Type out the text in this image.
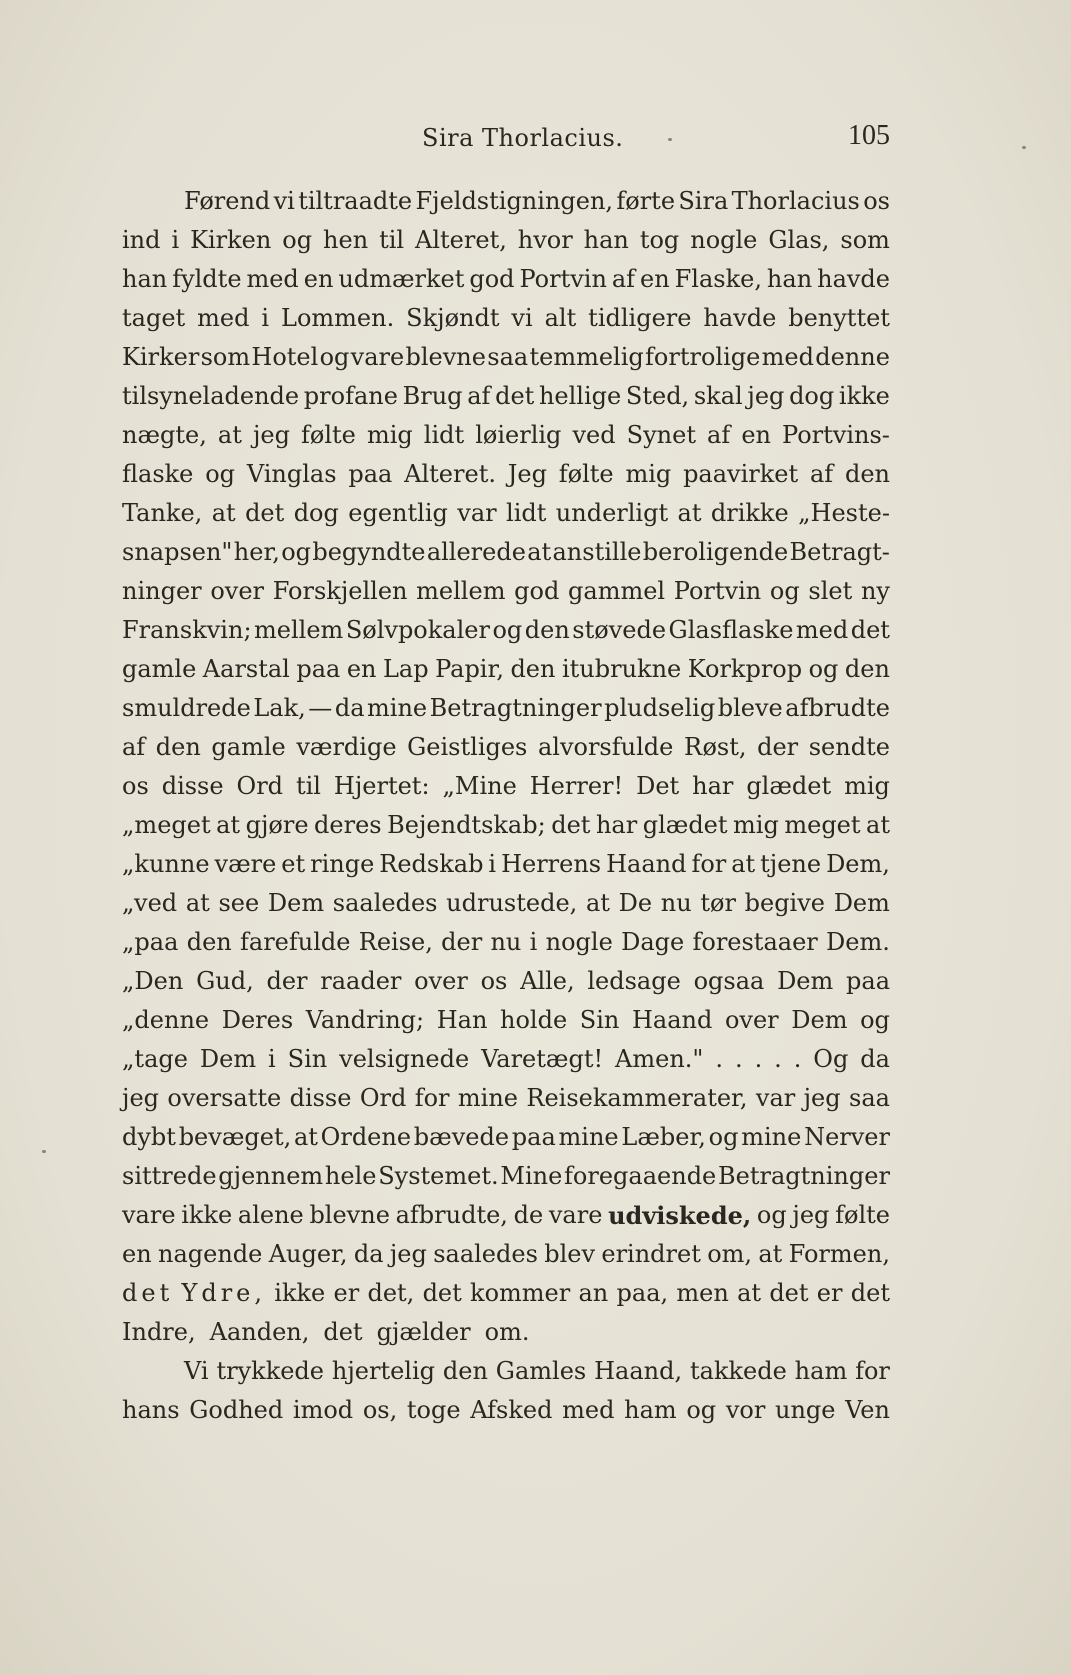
Sira Thorlacius.	105
Førend vi tiltraadte Fjeldstigningen, førte Sira Thorlacius os
ind i Kirken og hen til Alteret, hvor han tog nogle Glas, som
han fyldte med en udmærket god Portvin af en Flaske, han havde
taget med i Lommen. Skjøndt vi alt tidligere havde benyttet
Kirker som Hotel og vare blevne saa temmelig fortrolige med denne
tilsyneladende profane Brug af det hellige Sted, skal jeg dog ikke
nægte, at jeg følte mig lidt løierlig ved Synet af en Portvins-
flaske og Vinglas paa Alteret. Jeg følte mig paavirket af den
Tanke, at det dog egentlig var lidt underligt at drikke „Heste-
snapsen" her, og begyndte allerede at anstille beroligende Betragt-
ninger over Forskjellen mellem god gammel Portvin og slet ny
Franskvin; mellem Sølvpokaler og den støvede Glasflaske med det
gamle Aarstal paa en Lap Papir, den itubrukne Korkprop og den
smuldrede Lak, — da mine Betragtninger pludselig bleve afbrudte
af den gamle værdige Geistliges alvorsfulde Røst, der sendte
os disse Ord til Hjertet: „Mine Herrer! Det har glædet mig
„meget at gjøre deres Bejendtskab; det har glædet mig meget at
„kunne være et ringe Redskab i Herrens Haand for at tjene Dem,
„ved at see Dem saaledes udrustede, at De nu tør begive Dem
„paa den farefulde Reise, der nu i nogle Dage forestaaer Dem.
„Den Gud, der raader over os Alle, ledsage ogsaa Dem paa
„denne Deres Vandring; Han holde Sin Haand over Dem og
„tage Dem i Sin velsignede Varetægt! Amen." . . . . . Og da
jeg oversatte disse Ord for mine Reisekammerater, var jeg saa
dybt bevæget, at Ordene bævede paa mine Læber, og mine Nerver
sittrede gjennem hele Systemet. Mine foregaaende Betragtninger
vare ikke alene blevne afbrudte, de vare udviskede, og jeg følte
en nagende Auger, da jeg saaledes blev erindret om, at Formen,
det Ydre, ikke er det, det kommer an paa, men at det er det
Indre, Aanden, det gjælder om.
Vi trykkede hjertelig den Gamles Haand, takkede ham for
hans Godhed imod os, toge Afsked med ham og vor unge Ven
